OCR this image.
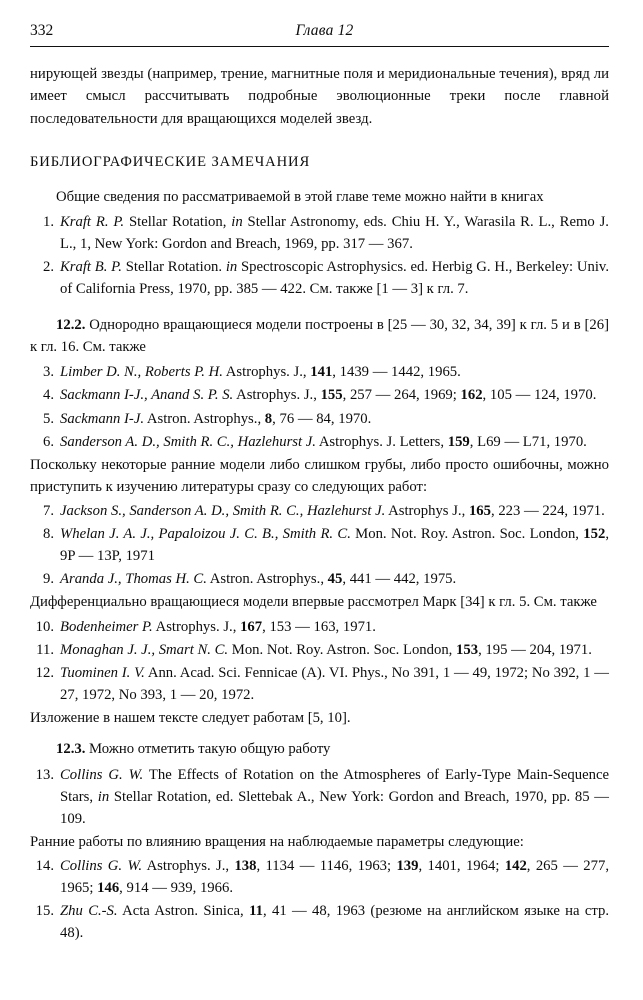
332	Глава 12

нирующей звезды (например, трение, магнитные поля и меридиональные течения), вряд ли имеет смысл рассчитывать подробные эволюционные треки после главной последовательности для вращающихся моделей звезд.

БИБЛИОГРАФИЧЕСКИЕ ЗАМЕЧАНИЯ

Общие сведения по рассматриваемой в этой главе теме можно найти в книгах

1. Kraft R. P. Stellar Rotation, in Stellar Astronomy, eds. Chiu H. Y., Warasila R. L., Remo J. L., 1, New York: Gordon and Breach, 1969, pp. 317 — 367.
2. Kraft B. P. Stellar Rotation. in Spectroscopic Astrophysics. ed. Herbig G. H., Berkeley: Univ. of California Press, 1970, pp. 385 — 422. См. также [1 — 3] к гл. 7.

12.2. Однородно вращающиеся модели построены в [25 — 30, 32, 34, 39] к гл. 5 и в [26] к гл. 16. См. также

3. Limber D. N., Roberts P. H. Astrophys. J., 141, 1439 — 1442, 1965.
4. Sackmann I-J., Anand S. P. S. Astrophys. J., 155, 257 — 264, 1969; 162, 105 — 124, 1970.
5. Sackmann I-J. Astron. Astrophys., 8, 76 — 84, 1970.
6. Sanderson A. D., Smith R. C., Hazlehurst J. Astrophys. J. Letters, 159, L69 — L71, 1970.

Поскольку некоторые ранние модели либо слишком грубы, либо просто ошибочны, можно приступить к изучению литературы сразу со следующих работ:

7. Jackson S., Sanderson A. D., Smith R. C., Hazlehurst J. Astrophys J., 165, 223 — 224, 1971.
8. Whelan J. A. J., Papaloizou J. C. B., Smith R. C. Mon. Not. Roy. Astron. Soc. London, 152, 9P — 13P, 1971
9. Aranda J., Thomas H. C. Astron. Astrophys., 45, 441 — 442, 1975.

Дифференциально вращающиеся модели впервые рассмотрел Марк [34] к гл. 5. См. также

10. Bodenheimer P. Astrophys. J., 167, 153 — 163, 1971.
11. Monaghan J. J., Smart N. C. Mon. Not. Roy. Astron. Soc. London, 153, 195 — 204, 1971.
12. Tuominen I. V. Ann. Acad. Sci. Fennicae (A). VI. Phys., No 391, 1 — 49, 1972; No 392, 1 — 27, 1972, No 393, 1 — 20, 1972.

Изложение в нашем тексте следует работам [5, 10].

12.3. Можно отметить такую общую работу

13. Collins G. W. The Effects of Rotation on the Atmospheres of Early-Type Main-Sequence Stars, in Stellar Rotation, ed. Slettebak A., New York: Gordon and Breach, 1970, pp. 85 — 109.

Ранние работы по влиянию вращения на наблюдаемые параметры следующие:

14. Collins G. W. Astrophys. J., 138, 1134 — 1146, 1963; 139, 1401, 1964; 142, 265 — 277, 1965; 146, 914 — 939, 1966.
15. Zhu C.-S. Acta Astron. Sinica, 11, 41 — 48, 1963 (резюме на английском языке на стр. 48).
